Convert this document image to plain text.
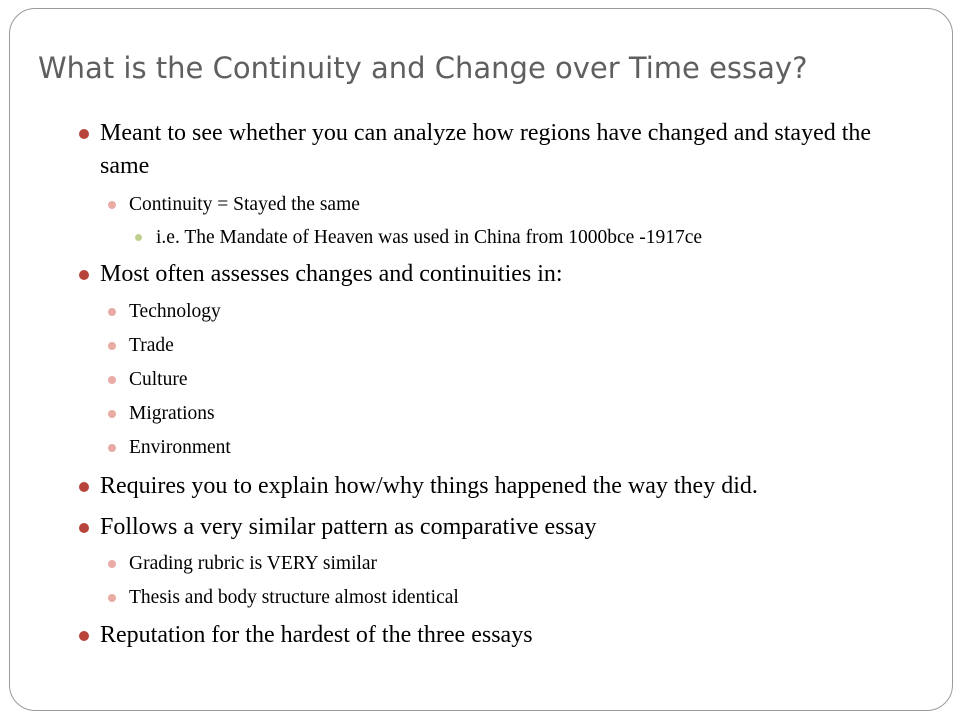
What is the Continuity and Change over Time essay?
Meant to see whether you can analyze how regions have changed and stayed the same
Continuity = Stayed the same
i.e. The Mandate of Heaven was used in China from 1000bce -1917ce
Most often assesses changes and continuities in:
Technology
Trade
Culture
Migrations
Environment
Requires you to explain how/why things happened the way they did.
Follows a very similar pattern as comparative essay
Grading rubric is VERY similar
Thesis and body structure almost identical
Reputation for the hardest of the three essays
